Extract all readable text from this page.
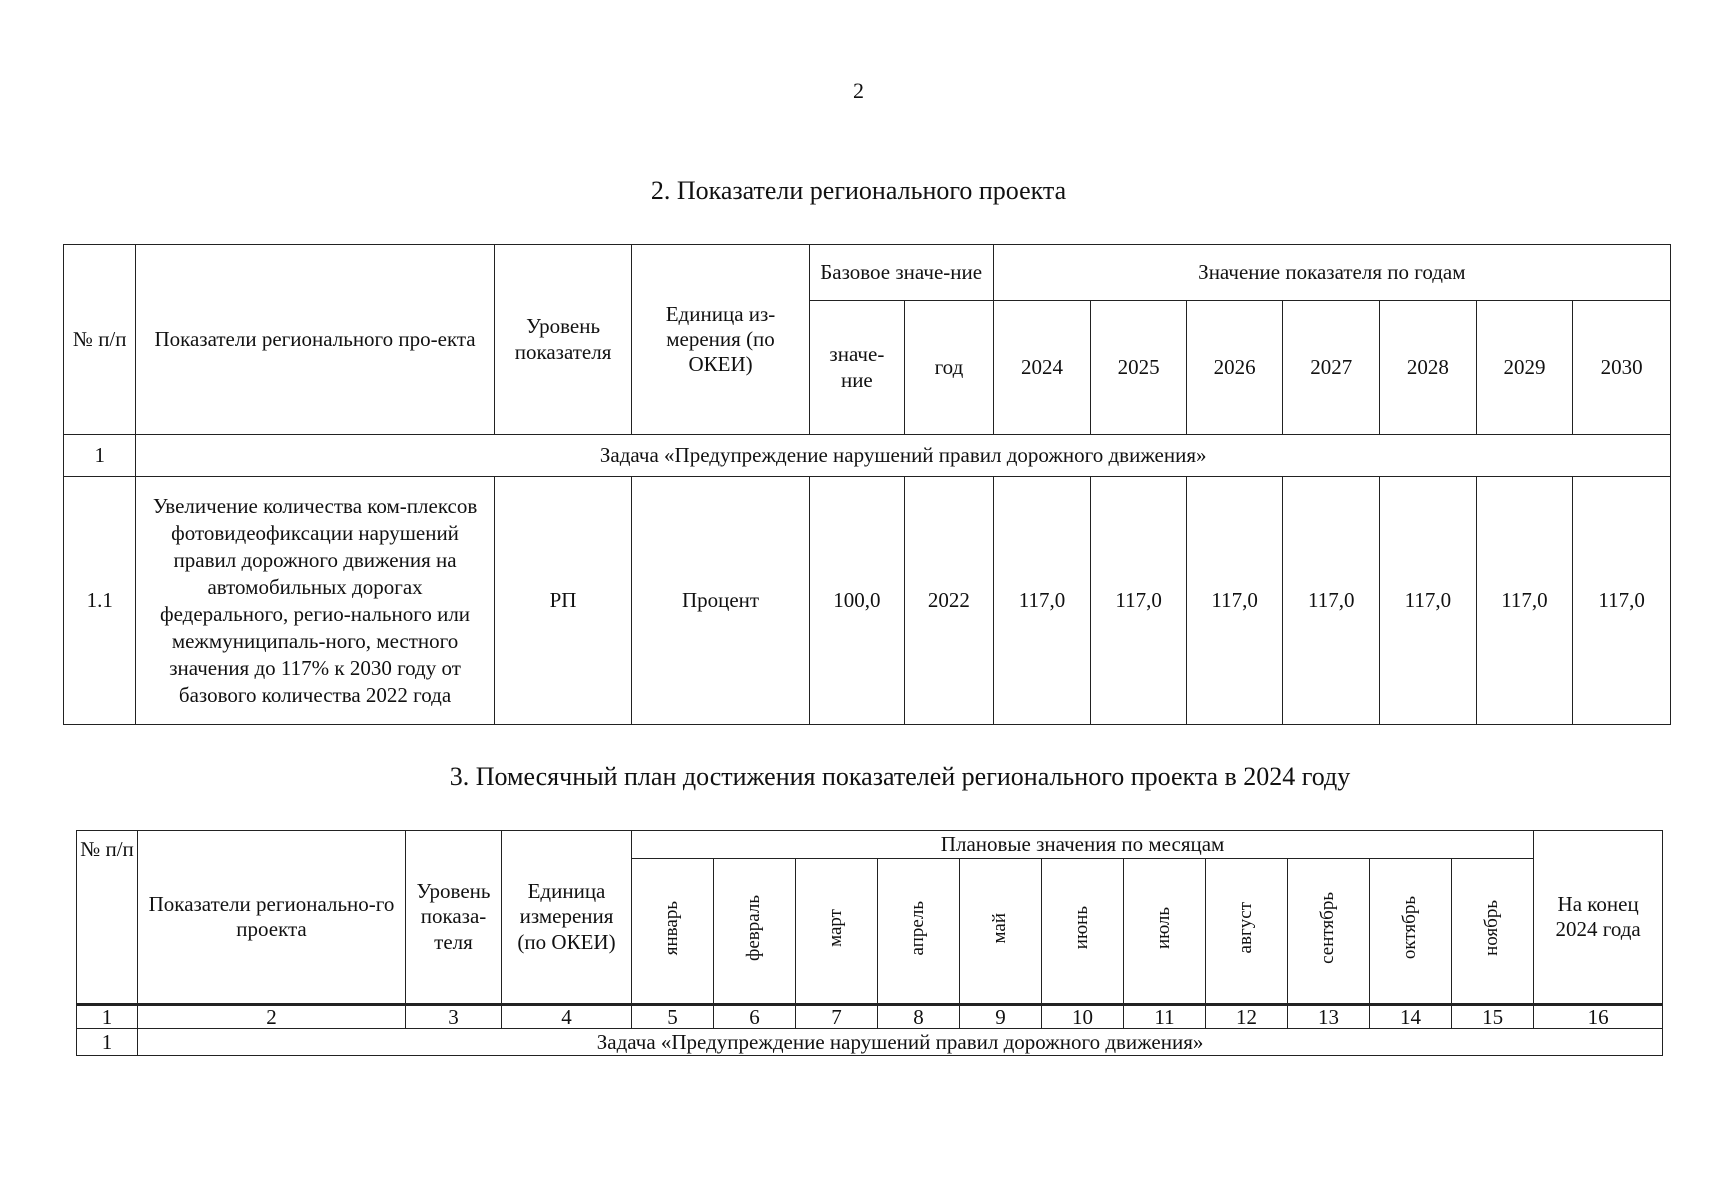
2
2. Показатели регионального проекта
№ п/п	Показатели регионального про-екта	Уровень показателя	Единица из-мерения (по ОКЕИ)	Базовое значе-ние		Значение показателя по годам						
				значе-ние	год	2024	2025	2026	2027	2028	2029	2030
1	Задача «Предупреждение нарушений правил дорожного движения»											
1.1	Увеличение количества ком-плексов фотовидеофиксации нарушений правил дорожного движения на автомобильных дорогах федерального, регио-нального или межмуниципаль-ного, местного значения до 117% к 2030 году от базового количества 2022 года	РП	Процент	100,0	2022	117,0	117,0	117,0	117,0	117,0	117,0	117,0
3. Помесячный план достижения показателей регионального проекта в 2024 году
№ п/п	Показатели регионально-го проекта	Уровень показа-теля	Единица измерения (по ОКЕИ)	Плановые значения по месяцам											На конец 2024 года
				январь	февраль	март	апрель	май	июнь	июль	август	сентябрь	октябрь	ноябрь	
1	2	3	4	5	6	7	8	9	10	11	12	13	14	15	16
1	Задача «Предупреждение нарушений правил дорожного движения»														
